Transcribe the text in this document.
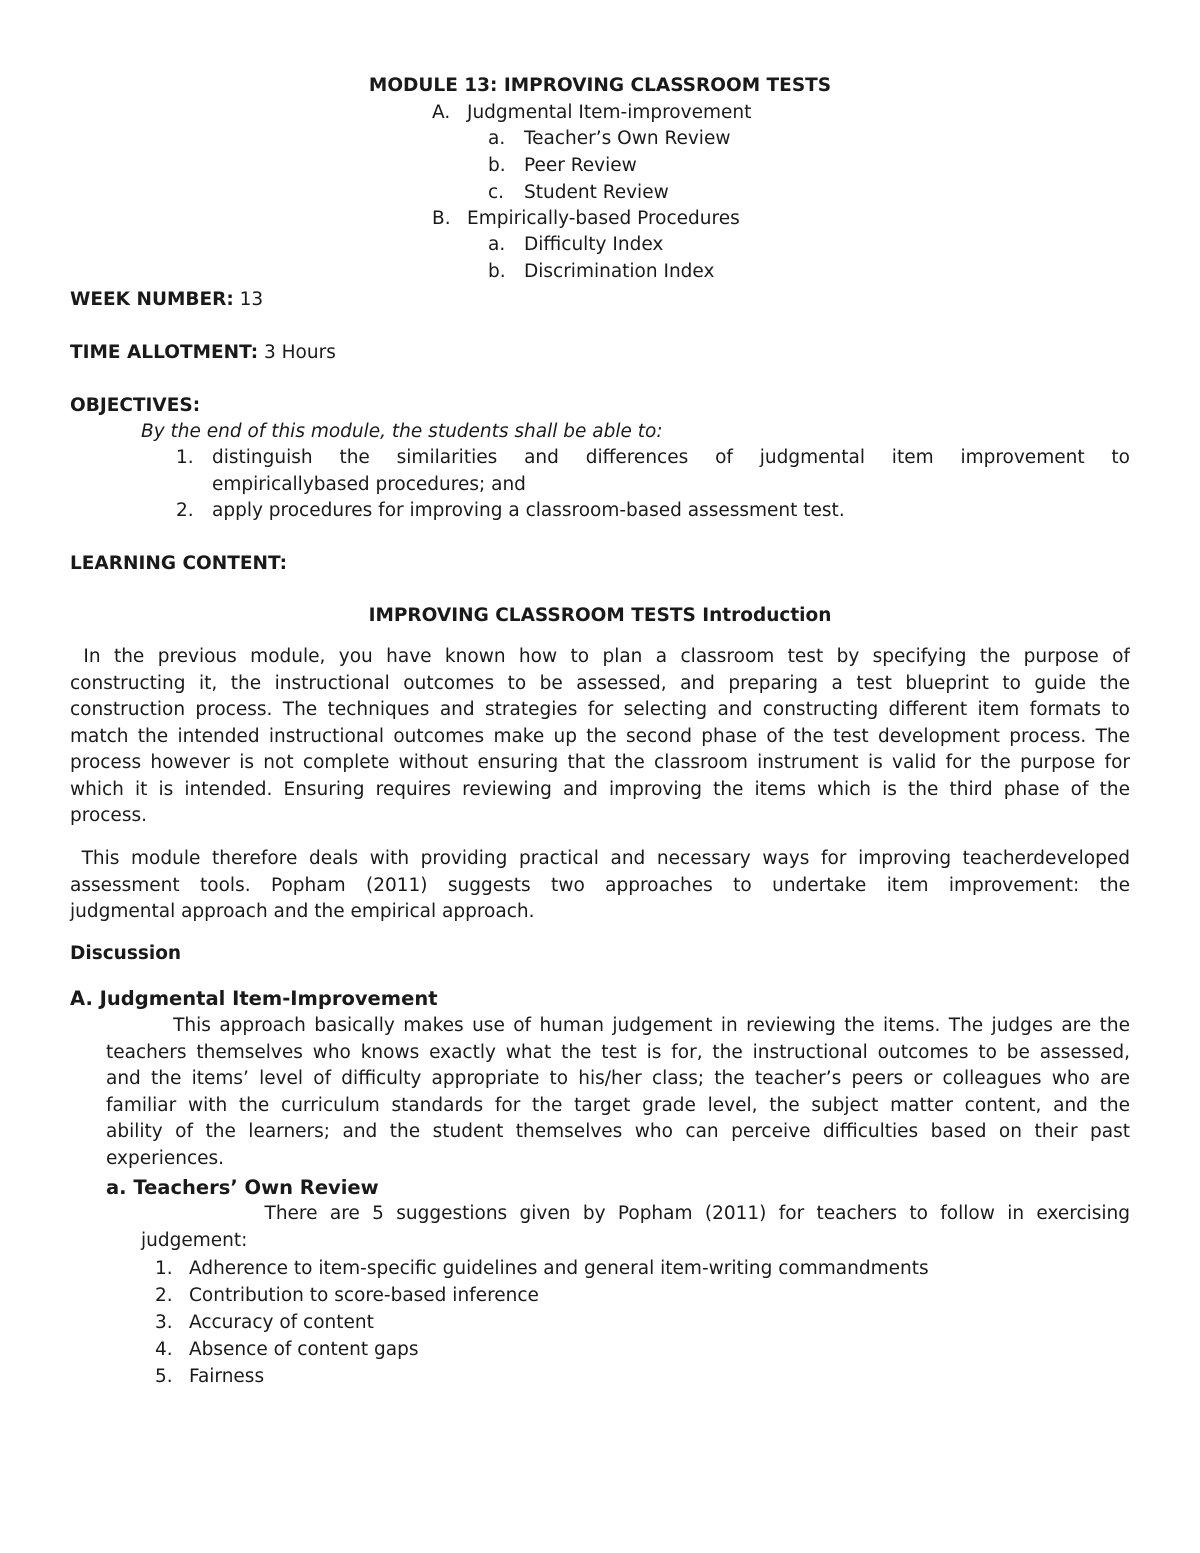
MODULE 13: IMPROVING CLASSROOM TESTS
A. Judgmental Item-improvement
a. Teacher’s Own Review
b. Peer Review
c. Student Review
B. Empirically-based Procedures
a. Difficulty Index
b. Discrimination Index
WEEK NUMBER: 13
TIME ALLOTMENT: 3 Hours
OBJECTIVES:
By the end of this module, the students shall be able to:
1. distinguish the similarities and differences of judgmental item improvement to
empiricallybased procedures; and
2. apply procedures for improving a classroom-based assessment test.
LEARNING CONTENT:
IMPROVING CLASSROOM TESTS Introduction
In the previous module, you have known how to plan a classroom test by specifying the purpose of
constructing it, the instructional outcomes to be assessed, and preparing a test blueprint to guide the
construction process. The techniques and strategies for selecting and constructing different item formats to
match the intended instructional outcomes make up the second phase of the test development process. The
process however is not complete without ensuring that the classroom instrument is valid for the purpose for
which it is intended. Ensuring requires reviewing and improving the items which is the third phase of the
process.
This module therefore deals with providing practical and necessary ways for improving teacherdeveloped
assessment tools. Popham (2011) suggests two approaches to undertake item improvement: the
judgmental approach and the empirical approach.
Discussion
A. Judgmental Item-Improvement
This approach basically makes use of human judgement in reviewing the items. The judges are the
teachers themselves who knows exactly what the test is for, the instructional outcomes to be assessed,
and the items’ level of difficulty appropriate to his/her class; the teacher’s peers or colleagues who are
familiar with the curriculum standards for the target grade level, the subject matter content, and the
ability of the learners; and the student themselves who can perceive difficulties based on their past
experiences.
a. Teachers’ Own Review
There are 5 suggestions given by Popham (2011) for teachers to follow in exercising
judgement:
1. Adherence to item-specific guidelines and general item-writing commandments
2. Contribution to score-based inference
3. Accuracy of content
4. Absence of content gaps
5. Fairness
